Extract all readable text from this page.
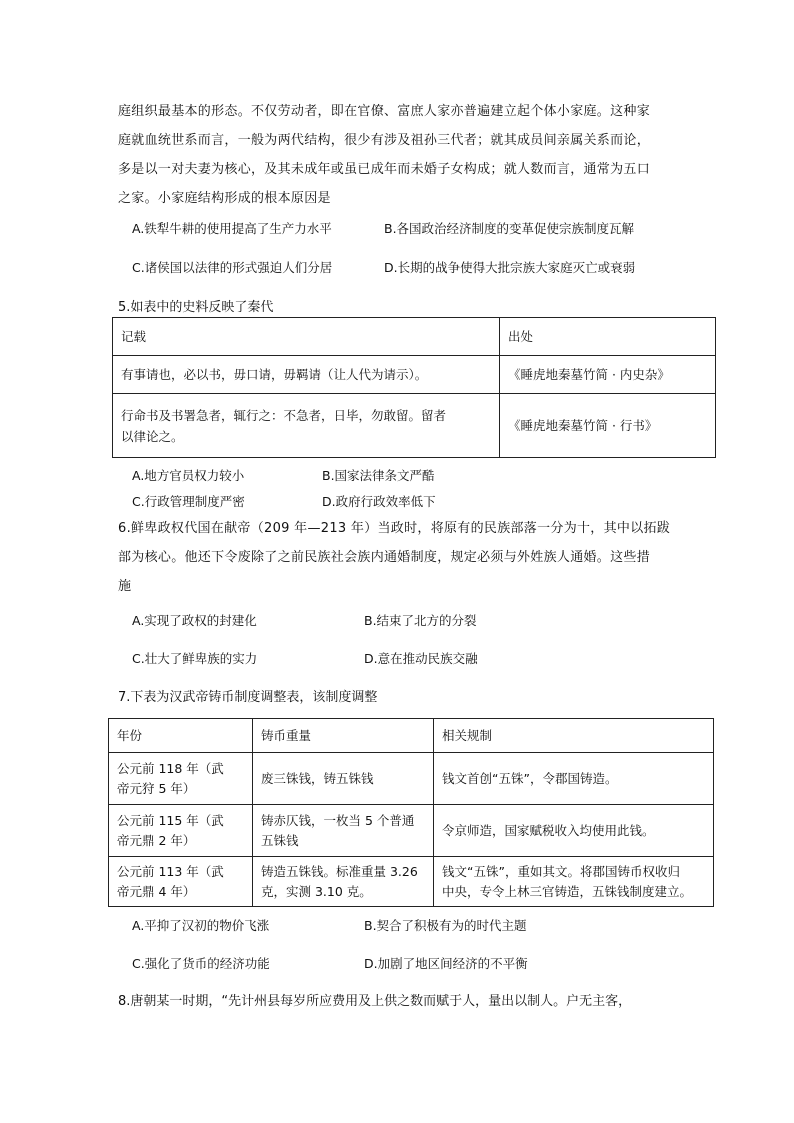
庭组织最基本的形态。不仅劳动者，即在官僚、富庶人家亦普遍建立起个体小家庭。这种家
庭就血统世系而言，一般为两代结构，很少有涉及祖孙三代者；就其成员间亲属关系而论，
多是以一对夫妻为核心，及其未成年或虽已成年而未婚子女构成；就人数而言，通常为五口
之家。小家庭结构形成的根本原因是
A.铁犁牛耕的使用提高了生产力水平	B.各国政治经济制度的变革促使宗族制度瓦解
C.诸侯国以法律的形式强迫人们分居	D.长期的战争使得大批宗族大家庭灭亡或衰弱
5.如表中的史料反映了秦代
记载	出处
有事请也，必以书，毋口请，毋羁请（让人代为请示）。	《睡虎地秦墓竹简 · 内史杂》

行命书及书署急者，辄行之：不急者，日毕，勿敢留。留者
以律论之。	《睡虎地秦墓竹简 · 行书》
A.地方官员权力较小	B.国家法律条文严酷
C.行政管理制度严密	D.政府行政效率低下
6.鲜卑政权代国在献帝（209 年—213 年）当政时，将原有的民族部落一分为十，其中以拓跋
部为核心。他还下令废除了之前民族社会族内通婚制度，规定必须与外姓族人通婚。这些措
施
A.实现了政权的封建化	B.结束了北方的分裂
C.壮大了鲜卑族的实力	D.意在推动民族交融
7.下表为汉武帝铸币制度调整表，该制度调整
年份	铸币重量	相关规制

公元前 118 年（武
帝元狩 5 年）	废三铢钱，铸五铢钱	钱文首创“五铢”，令郡国铸造。

公元前 115 年（武
帝元鼎 2 年）	铸赤仄钱，一枚当 5 个普通
五铢钱	令京师造，国家赋税收入均使用此钱。

公元前 113 年（武
帝元鼎 4 年）	铸造五铢钱。标准重量 3.26
克，实测 3.10 克。	钱文“五铢”，重如其文。将郡国铸币权收归
中央，专令上林三官铸造，五铢钱制度建立。
A.平抑了汉初的物价飞涨	B.契合了积极有为的时代主题
C.强化了货币的经济功能	D.加剧了地区间经济的不平衡
8.唐朝某一时期，“先计州县每岁所应费用及上供之数而赋于人，量出以制人。户无主客，
